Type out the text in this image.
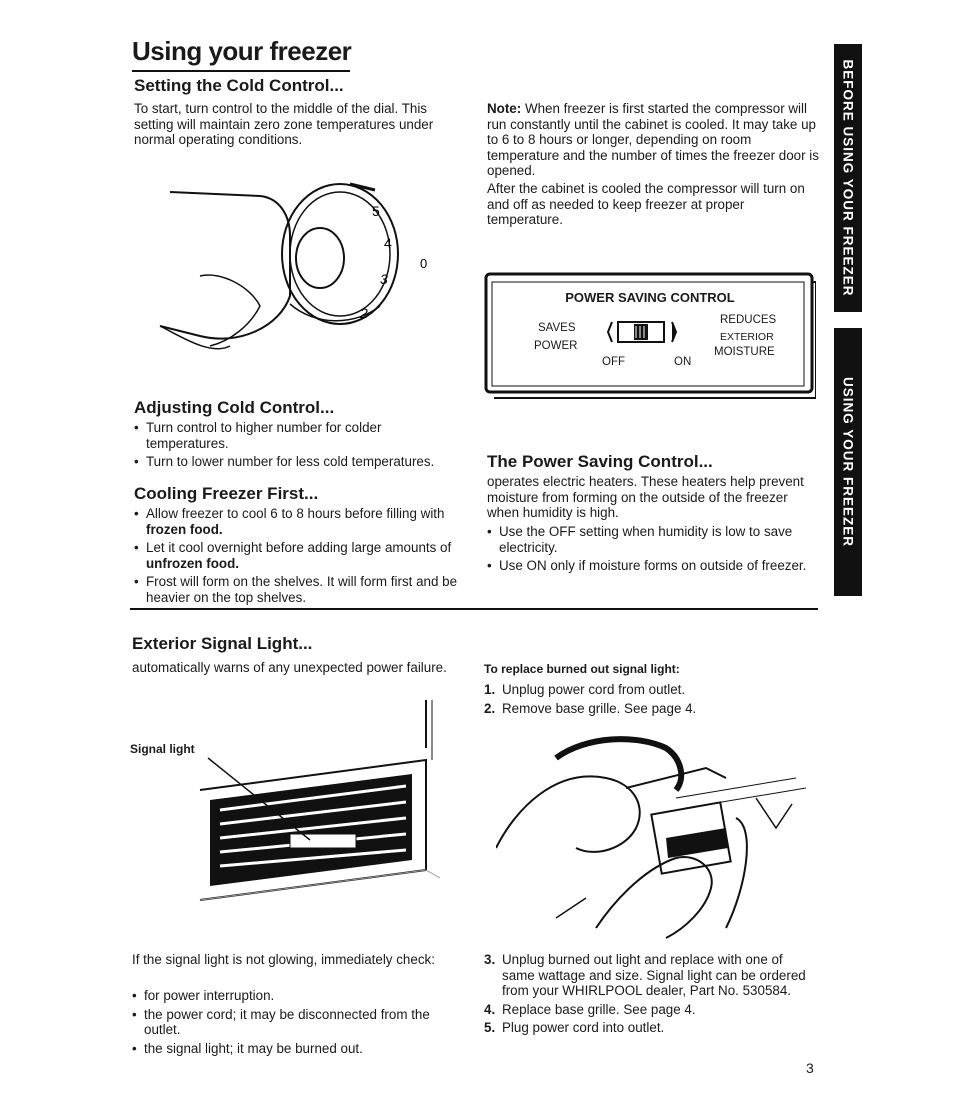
Using your freezer
BEFORE USING YOUR FREEZER
USING YOUR FREEZER
Setting the Cold Control...

To start, turn control to the middle of the dial. This setting will maintain zero zone temperatures under normal operating conditions.

5
4
3
2
0

Note: When freezer is first started the compressor will run constantly until the cabinet is cooled. It may take up to 6 to 8 hours or longer, depending on room temperature and the number of times the freezer door is opened.

After the cabinet is cooled the compressor will turn on and off as needed to keep freezer at proper temperature.

POWER SAVING CONTROL
SAVES
POWER
REDUCES
EXTERIOR
MOISTURE
OFF	ON
Adjusting Cold Control...
• Turn control to higher number for colder temperatures.
• Turn to lower number for less cold temperatures.
Cooling Freezer First...
• Allow freezer to cool 6 to 8 hours before filling with frozen food.
• Let it cool overnight before adding large amounts of unfrozen food.
• Frost will form on the shelves. It will form first and be heavier on the top shelves.
The Power Saving Control...

operates electric heaters. These heaters help prevent moisture from forming on the outside of the freezer when humidity is high.

• Use the OFF setting when humidity is low to save electricity.
• Use ON only if moisture forms on outside of freezer.
Exterior Signal Light...

automatically warns of any unexpected power failure.

Signal light

If the signal light is not glowing, immediately check:

• for power interruption.
• the power cord; it may be disconnected from the outlet.
• the signal light; it may be burned out.
To replace burned out signal light:
1. Unplug power cord from outlet.
2. Remove base grille. See page 4.
3. Unplug burned out light and replace with one of same wattage and size. Signal light can be ordered from your WHIRLPOOL dealer, Part No. 530584.
4. Replace base grille. See page 4.
5. Plug power cord into outlet.
3
